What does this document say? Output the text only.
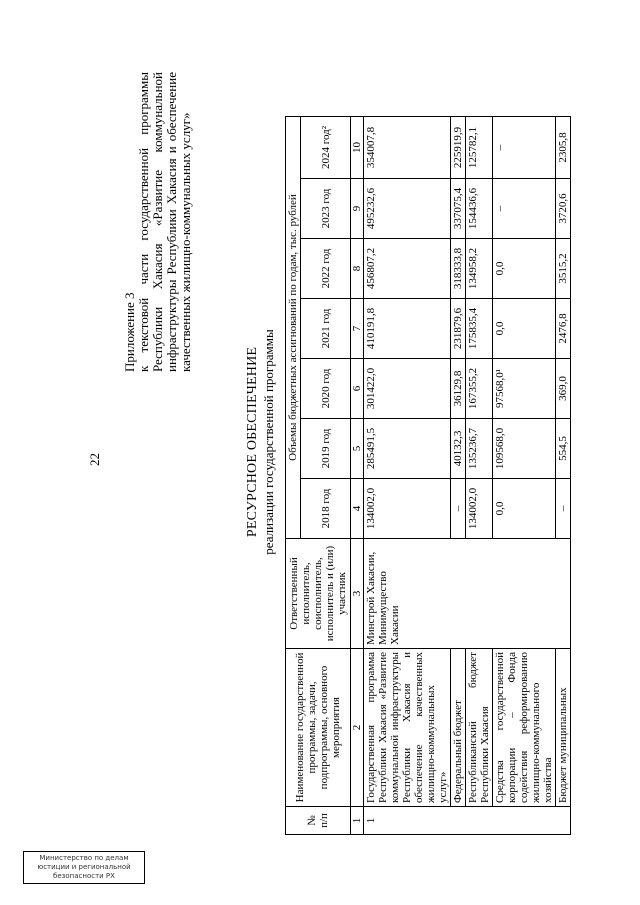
22
Приложение 3 к текстовой части государственной программы Республики Хакасия «Развитие коммунальной инфраструктуры Республики Хакасия и обеспечение качественных жилищно-коммунальных услуг»
РЕСУРСНОЕ ОБЕСПЕЧЕНИЕ реализации государственной программы
№ п/п	Наименование государственной программы, задачи, подпрограммы, основного мероприятия	Ответственный исполнитель, соисполнитель, исполнитель и (или) участник	Объемы бюджетных ассигнований по годам, тыс. рублей						
			2018 год	2019 год	2020 год	2021 год	2022 год	2023 год	2024 год²
1	2	3	4	5	6	7	8	9	10
1	Государственная программа Республики Хакасия «Развитие коммунальной инфраструктуры Республики Хакасия и обеспечение качественных жилищно-коммунальных услуг»	Минстрой Хакасии, Минимущество Хакасии	134002,0	285491,5	301422,0	410191,8	456807,2	495232,6	354007,8
	Федеральный бюджет		–	40132,3	36129,8	231879,6	318333,8	337075,4	225919,9
	Республиканский бюджет Республики Хакасия		134002,0	135236,7	167355,2	175835,4	134958,2	154436,6	125782,1
	Средства государственной корпорации – Фонда содействия реформированию жилищно-коммунального хозяйства		0,0	109568,0	97568,0¹	0,0	0,0	–	–
	Бюджет муниципальных		–	554,5	369,0	2476,8	3515,2	3720,6	2305,8
Министерство по делам
юстиции и региональной
безопасности РХ
